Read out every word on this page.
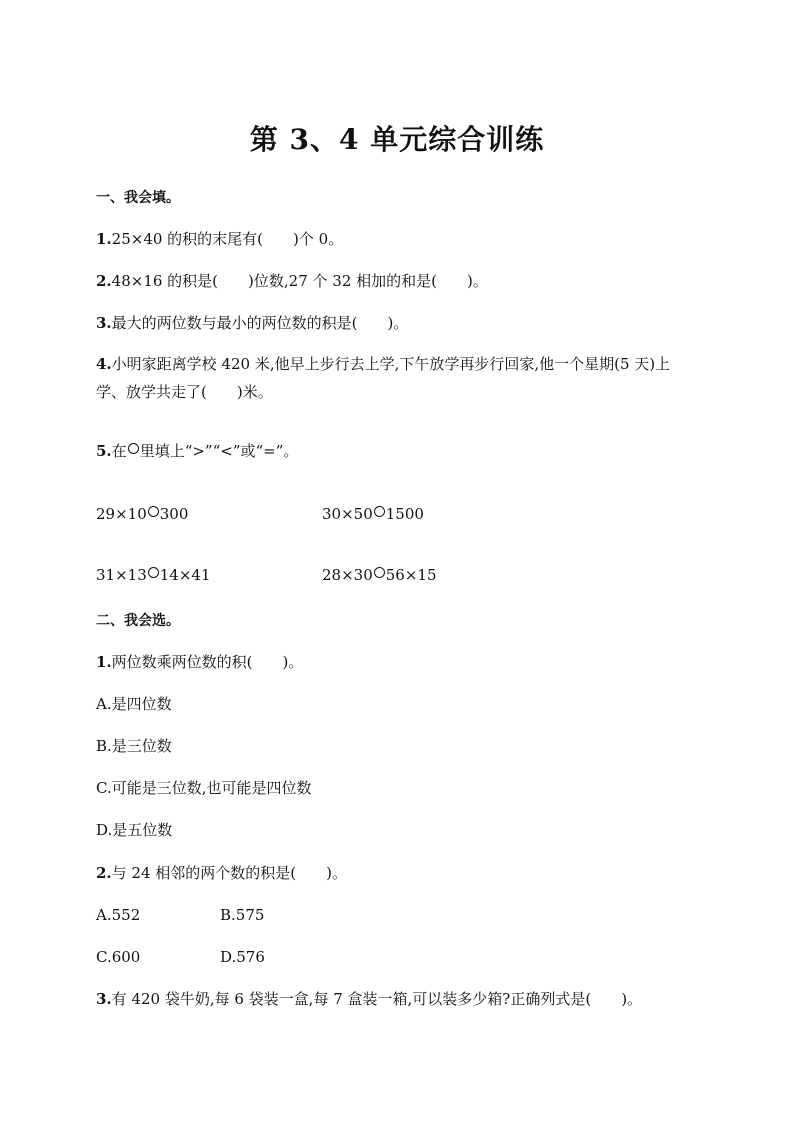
第 3、4 单元综合训练
一、我会填。
1.25×40 的积的末尾有(　　)个 0。
2.48×16 的积是(　　)位数,27 个 32 相加的和是(　　)。
3.最大的两位数与最小的两位数的积是(　　)。
4.小明家距离学校 420 米,他早上步行去上学,下午放学再步行回家,他一个星期(5 天)上学、放学共走了(　　)米。
5.在 里填上“>”“<”或“=”。
29×10 300	30×50 1500
31×13 14×41	28×30 56×15
二、我会选。
1.两位数乘两位数的积(　　)。
A.是四位数
B.是三位数
C.可能是三位数,也可能是四位数
D.是五位数
2.与 24 相邻的两个数的积是(　　)。
A.552	B.575
C.600	D.576
3.有 420 袋牛奶,每 6 袋装一盒,每 7 盒装一箱,可以装多少箱?正确列式是(　　)。
